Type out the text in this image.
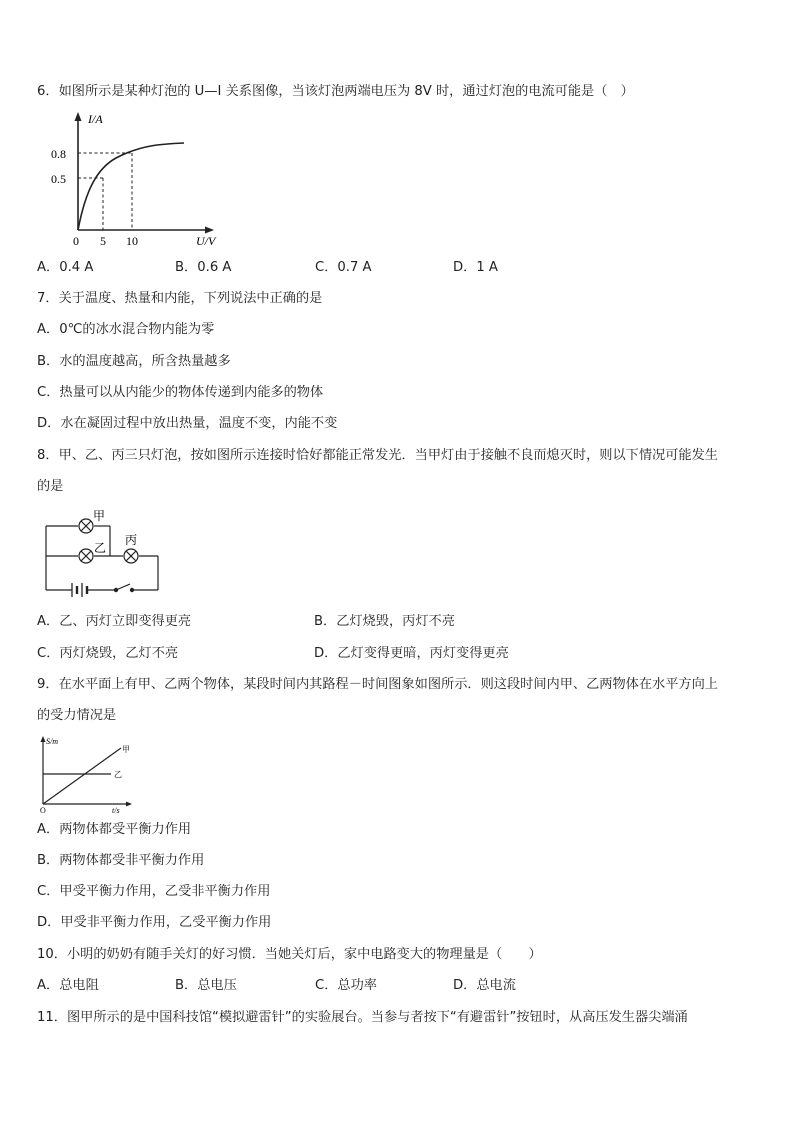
6．如图所示是某种灯泡的 U—I 关系图像，当该灯泡两端电压为 8V 时，通过灯泡的电流可能是（　）
I/A
0.8
0.5
0 5 10	U/V
A．0.4 A	B．0.6 A	C．0.7 A	D．1 A
7．关于温度、热量和内能，下列说法中正确的是
A．0℃的冰水混合物内能为零
B．水的温度越高，所含热量越多
C．热量可以从内能少的物体传递到内能多的物体
D．水在凝固过程中放出热量，温度不变，内能不变
8．甲、乙、丙三只灯泡，按如图所示连接时恰好都能正常发光．当甲灯由于接触不良而熄灭时，则以下情况可能发生
的是
甲
乙
丙
A．乙、丙灯立即变得更亮	B．乙灯烧毁，丙灯不亮
C．丙灯烧毁，乙灯不亮	D．乙灯变得更暗，丙灯变得更亮
9．在水平面上有甲、乙两个物体，某段时间内其路程－时间图象如图所示．则这段时间内甲、乙两物体在水平方向上
的受力情况是
S/m
甲
乙
O	t/s
A．两物体都受平衡力作用
B．两物体都受非平衡力作用
C．甲受平衡力作用，乙受非平衡力作用
D．甲受非平衡力作用，乙受平衡力作用
10．小明的奶奶有随手关灯的好习惯．当她关灯后，家中电路变大的物理量是（　　）
A．总电阻	B．总电压	C．总功率	D．总电流
11．图甲所示的是中国科技馆“模拟避雷针”的实验展台。当参与者按下“有避雷针”按钮时，从高压发生器尖端涌
